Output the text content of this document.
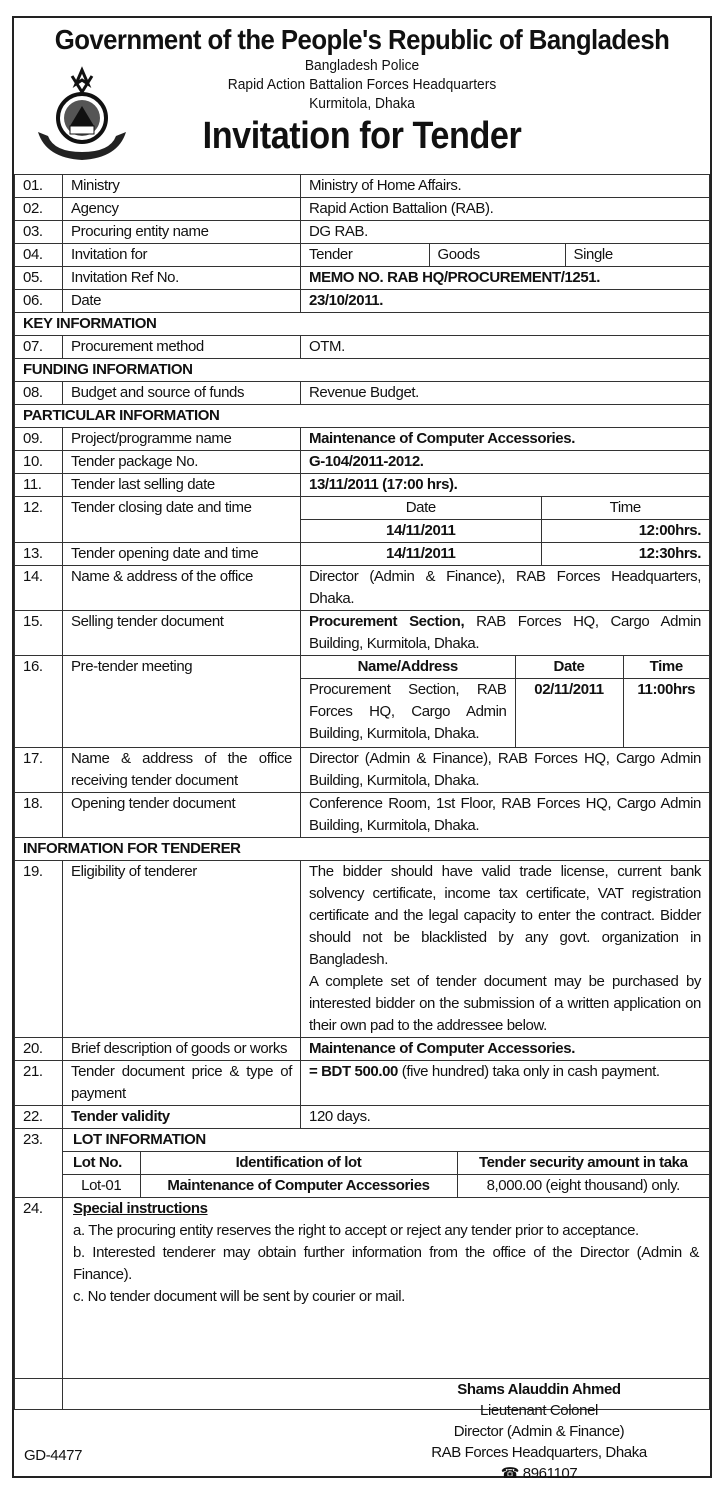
Government of the People's Republic of Bangladesh
Bangladesh Police
Rapid Action Battalion Forces Headquarters
Kurmitola, Dhaka
Invitation for Tender
01.	Ministry	Ministry of Home Affairs.
02.	Agency	Rapid Action Battalion (RAB).
03.	Procuring entity name	DG RAB.
04.	Invitation for		Tender	Goods	Single

05.	Invitation Ref No.	MEMO NO. RAB HQ/PROCUREMENT/1251.
06.	Date	23/10/2011.
KEY INFORMATION
07.	Procurement method	OTM.
FUNDING INFORMATION
08.	Budget and source of funds	Revenue Budget.
PARTICULAR INFORMATION
09.	Project/programme name	Maintenance of Computer Accessories.
10.	Tender package No.	G-104/2011-2012.
11.	Tender last selling date	13/11/2011 (17:00 hrs).
12.	Tender closing date and time		Date	Time
14/11/2011	12:00hrs.

13.	Tender opening date and time		14/11/2011	12:30hrs.

14.	Name & address of the office	Director (Admin & Finance), RAB Forces Headquarters, Dhaka.
15.	Selling tender document	Procurement Section, RAB Forces HQ, Cargo Admin Building, Kurmitola, Dhaka.
16.	Pre-tender meeting		Name/Address	Date	Time
Procurement Section, RAB Forces HQ, Cargo Admin Building, Kurmitola, Dhaka.	02/11/2011	11:00hrs

17.	Name & address of the office receiving tender document	Director (Admin & Finance), RAB Forces HQ, Cargo Admin Building, Kurmitola, Dhaka.
18.	Opening tender document	Conference Room, 1st Floor, RAB Forces HQ, Cargo Admin Building, Kurmitola, Dhaka.
INFORMATION FOR TENDERER
19.	Eligibility of tenderer	The bidder should have valid trade license, current bank solvency certificate, income tax certificate, VAT registration certificate and the legal capacity to enter the contract. Bidder should not be blacklisted by any govt. organization in Bangladesh.
A complete set of tender document may be purchased by interested bidder on the submission of a written application on their own pad to the addressee below.

20.	Brief description of goods or works	Maintenance of Computer Accessories.
21.	Tender document price & type of payment	= BDT 500.00 (five hundred) taka only in cash payment.
22.	Tender validity	120 days.
23.	LOT INFORMATION
Lot No.	Identification of lot	Tender security amount in taka
Lot-01	Maintenance of Computer Accessories	8,000.00 (eight thousand) only.

24.	Special instructions
a. The procuring entity reserves the right to accept or reject any tender prior to acceptance.
b. Interested tenderer may obtain further information from the office of the Director (Admin & Finance).
c. No tender document will be sent by courier or mail.
Shams Alauddin Ahmed
Lieutenant Colonel
Director (Admin & Finance)
RAB Forces Headquarters, Dhaka
☎ 8961107
GD-4477
